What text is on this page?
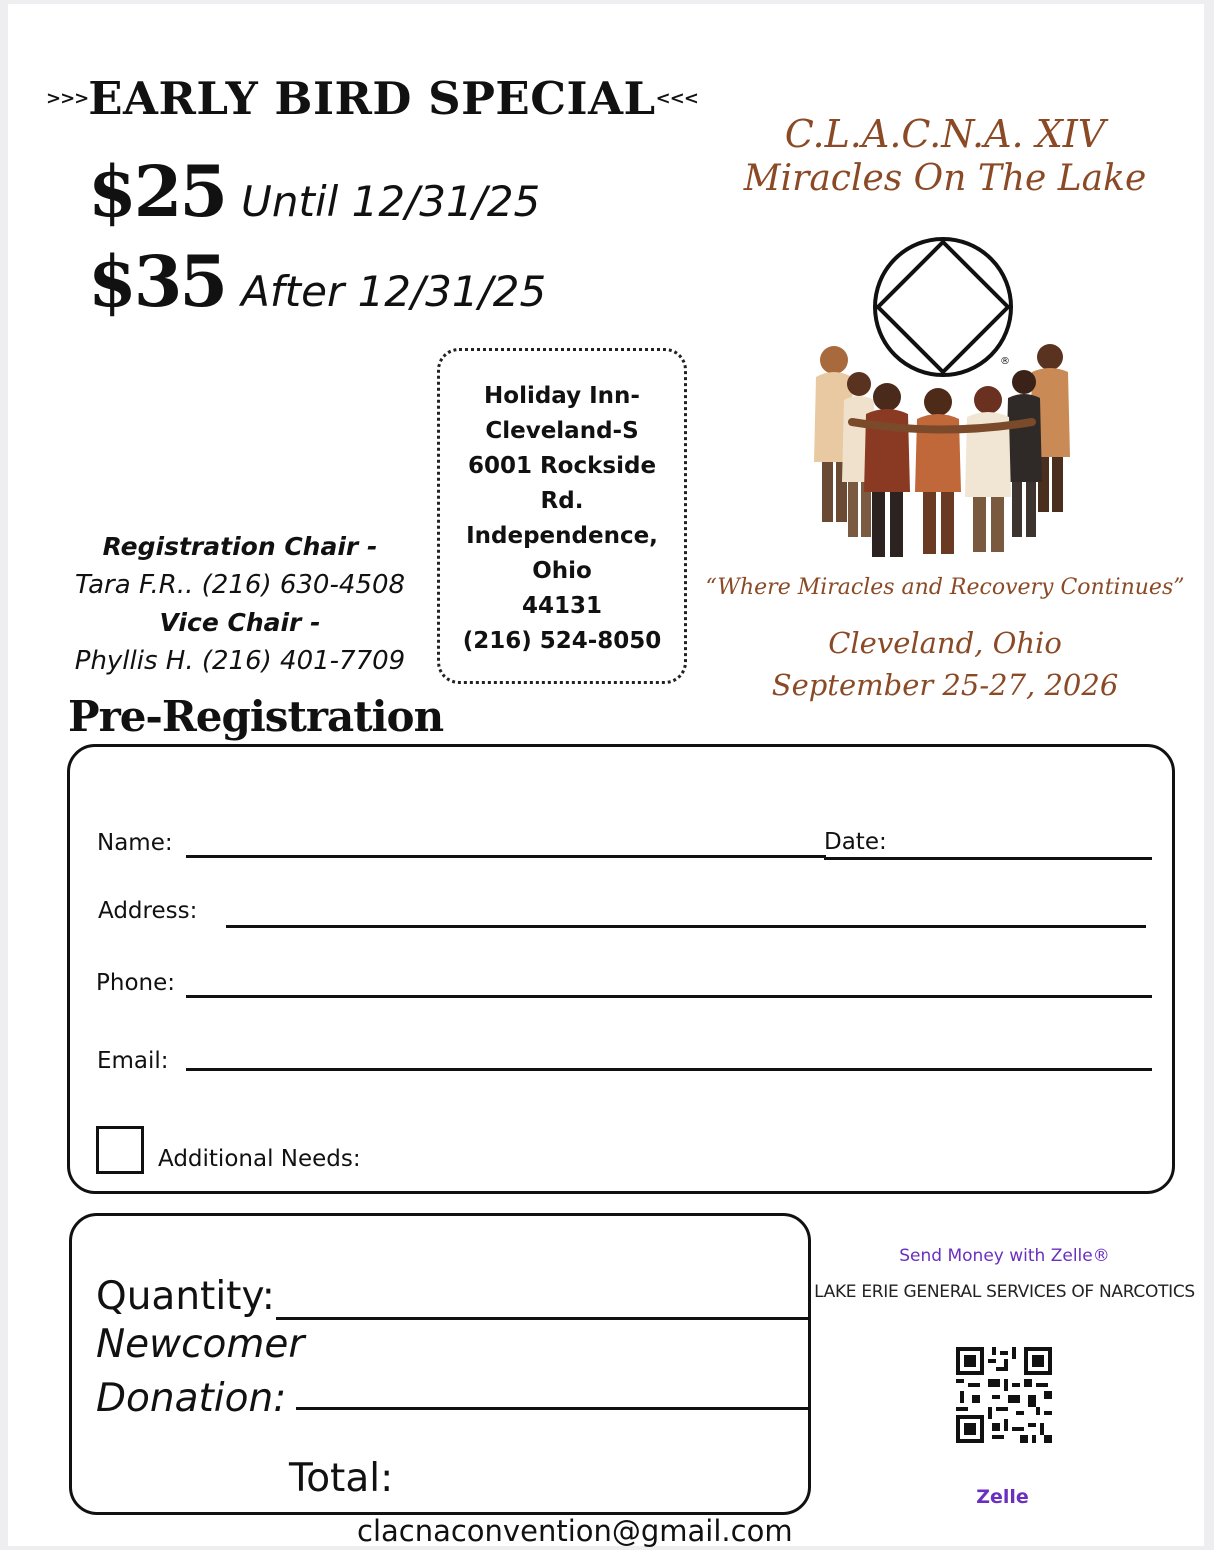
>>>EARLY BIRD SPECIAL<<<
$25 Until 12/31/25
$35 After 12/31/25
Holiday Inn-
Cleveland-S
6001 Rockside
Rd.
Independence,
Ohio
44131
(216) 524-8050
Registration Chair -
Tara F.R.. (216) 630-4508
Vice Chair -
Phyllis H. (216) 401-7709
C.L.A.C.N.A. XIV
Miracles On The Lake
®
“Where Miracles and Recovery Continues”
Cleveland, Ohio
September 25-27, 2026
Pre-Registration
Name:	Date:
Address:
Phone:
Email:
Additional Needs:
Quantity:
Newcomer
Donation:
Total:
Send Money with Zelle®
LAKE ERIE GENERAL SERVICES OF NARCOTICS
Zelle
clacnaconvention@gmail.com
